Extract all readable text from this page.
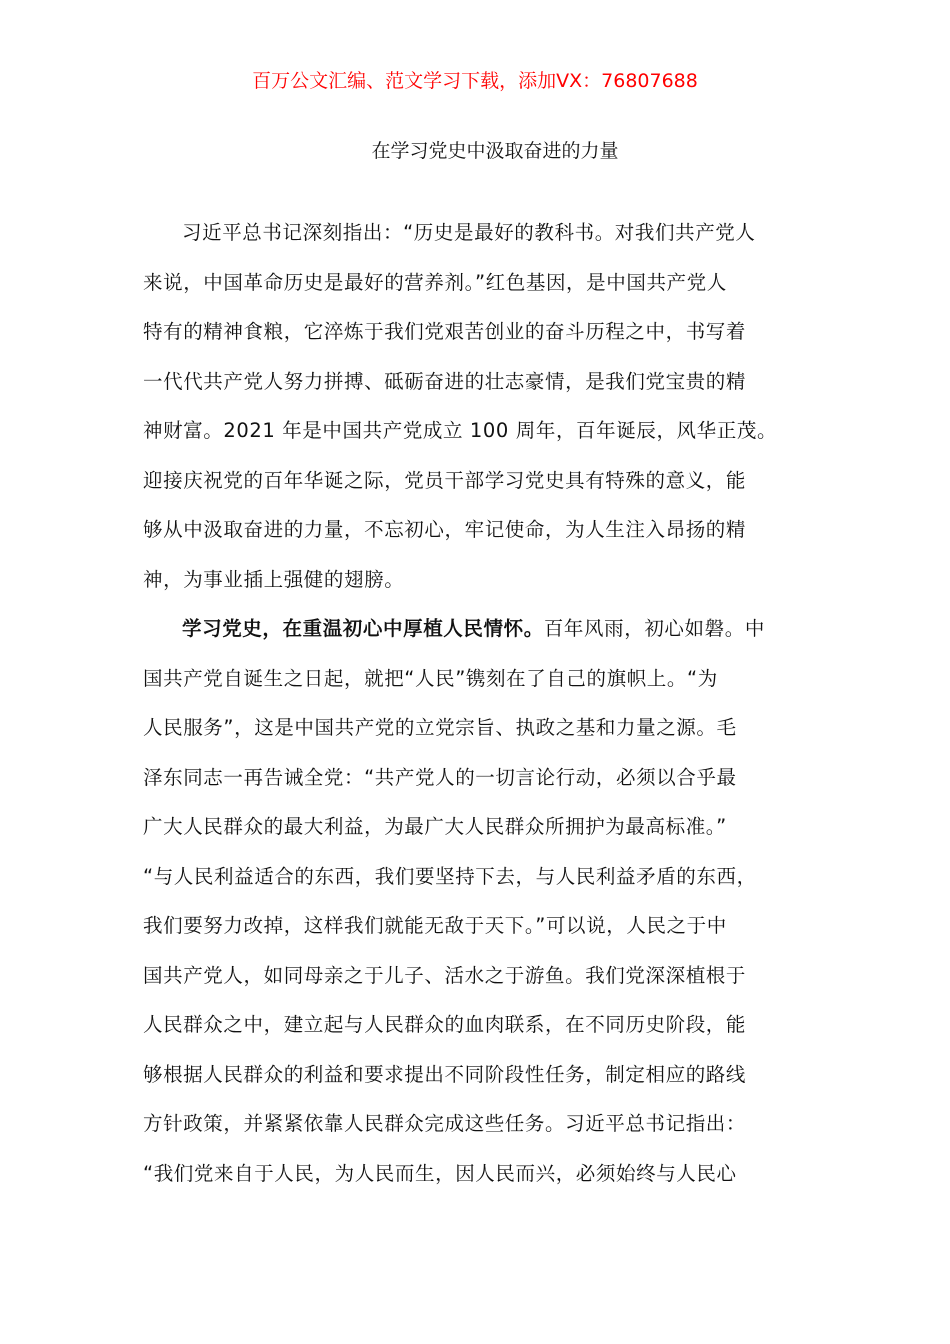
百万公文汇编、范文学习下载，添加VX：76807688
在学习党史中汲取奋进的力量
习近平总书记深刻指出：“历史是最好的教科书。对我们共产党人
来说，中国革命历史是最好的营养剂。”红色基因，是中国共产党人
特有的精神食粮，它淬炼于我们党艰苦创业的奋斗历程之中，书写着
一代代共产党人努力拼搏、砥砺奋进的壮志豪情，是我们党宝贵的精
神财富。2021 年是中国共产党成立 100 周年，百年诞辰，风华正茂。
迎接庆祝党的百年华诞之际，党员干部学习党史具有特殊的意义，能
够从中汲取奋进的力量，不忘初心，牢记使命，为人生注入昂扬的精
神，为事业插上强健的翅膀。
学习党史，在重温初心中厚植人民情怀。百年风雨，初心如磐。中
国共产党自诞生之日起，就把“人民”镌刻在了自己的旗帜上。“为
人民服务”，这是中国共产党的立党宗旨、执政之基和力量之源。毛
泽东同志一再告诫全党：“共产党人的一切言论行动，必须以合乎最
广大人民群众的最大利益，为最广大人民群众所拥护为最高标准。”
“与人民利益适合的东西，我们要坚持下去，与人民利益矛盾的东西，
我们要努力改掉，这样我们就能无敌于天下。”可以说，人民之于中
国共产党人，如同母亲之于儿子、活水之于游鱼。我们党深深植根于
人民群众之中，建立起与人民群众的血肉联系，在不同历史阶段，能
够根据人民群众的利益和要求提出不同阶段性任务，制定相应的路线
方针政策，并紧紧依靠人民群众完成这些任务。习近平总书记指出：
“我们党来自于人民，为人民而生，因人民而兴，必须始终与人民心
